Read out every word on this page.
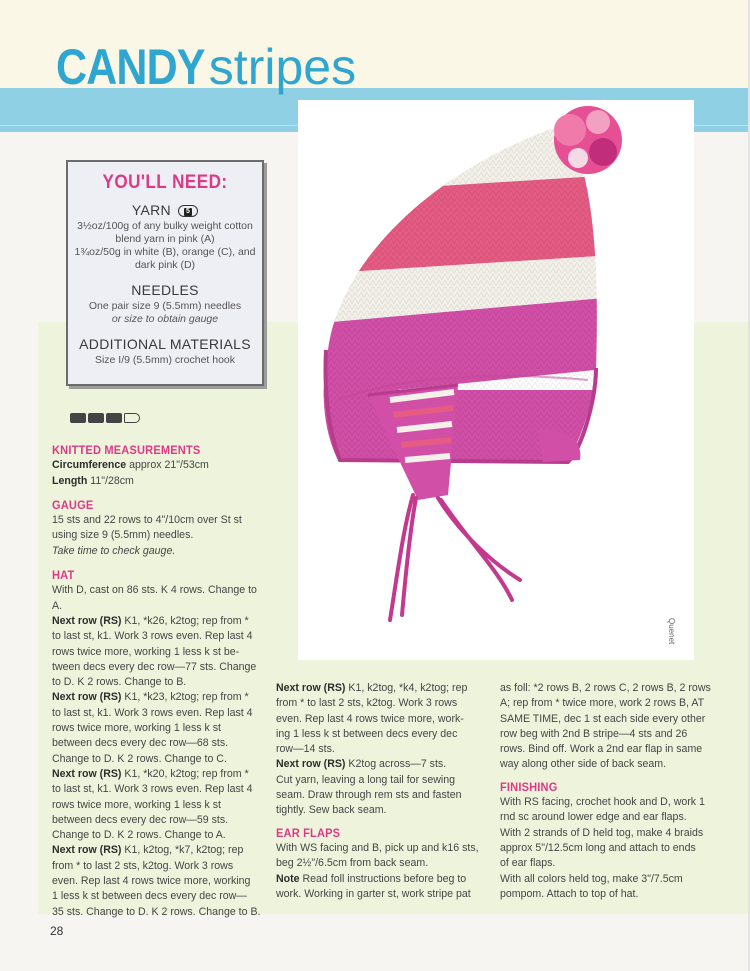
CANDYstripes
Quenet
YOU'LL NEED:
YARN 5
3½oz/100g of any bulky weight cotton
blend yarn in pink (A)
1¾oz/50g in white (B), orange (C), and
dark pink (D)
NEEDLES
One pair size 9 (5.5mm) needles
or size to obtain gauge
ADDITIONAL MATERIALS
Size I/9 (5.5mm) crochet hook
KNITTED MEASUREMENTS
Circumference approx 21"/53cm
Length 11"/28cm
GAUGE
15 sts and 22 rows to 4"/10cm over St st
using size 9 (5.5mm) needles.
Take time to check gauge.
HAT
With D, cast on 86 sts. K 4 rows. Change to A.
Next row (RS) K1, *k26, k2tog; rep from *
to last st, k1. Work 3 rows even. Rep last 4
rows twice more, working 1 less k st be-
tween decs every dec row—77 sts. Change
to D. K 2 rows. Change to B.
Next row (RS) K1, *k23, k2tog; rep from *
to last st, k1. Work 3 rows even. Rep last 4
rows twice more, working 1 less k st
between decs every dec row—68 sts.
Change to D. K 2 rows. Change to C.
Next row (RS) K1, *k20, k2tog; rep from *
to last st, k1. Work 3 rows even. Rep last 4
rows twice more, working 1 less k st
between decs every dec row—59 sts.
Change to D. K 2 rows. Change to A.
Next row (RS) K1, k2tog, *k7, k2tog; rep
from * to last 2 sts, k2tog. Work 3 rows
even. Rep last 4 rows twice more, working
1 less k st between decs every dec row—
35 sts. Change to D. K 2 rows. Change to B.
Next row (RS) K1, k2tog, *k4, k2tog; rep
from * to last 2 sts, k2tog. Work 3 rows
even. Rep last 4 rows twice more, work-
ing 1 less k st between decs every dec
row—14 sts.
Next row (RS) K2tog across—7 sts.
Cut yarn, leaving a long tail for sewing
seam. Draw through rem sts and fasten
tightly. Sew back seam.
EAR FLAPS
With WS facing and B, pick up and k16 sts,
beg 2½"/6.5cm from back seam.
Note Read foll instructions before beg to
work. Working in garter st, work stripe pat
as foll: *2 rows B, 2 rows C, 2 rows B, 2 rows
A; rep from * twice more, work 2 rows B, AT
SAME TIME, dec 1 st each side every other
row beg with 2nd B stripe—4 sts and 26
rows. Bind off. Work a 2nd ear flap in same
way along other side of back seam.
FINISHING
With RS facing, crochet hook and D, work 1
rnd sc around lower edge and ear flaps.
With 2 strands of D held tog, make 4 braids
approx 5"/12.5cm long and attach to ends
of ear flaps.
With all colors held tog, make 3"/7.5cm
pompom. Attach to top of hat.
28
